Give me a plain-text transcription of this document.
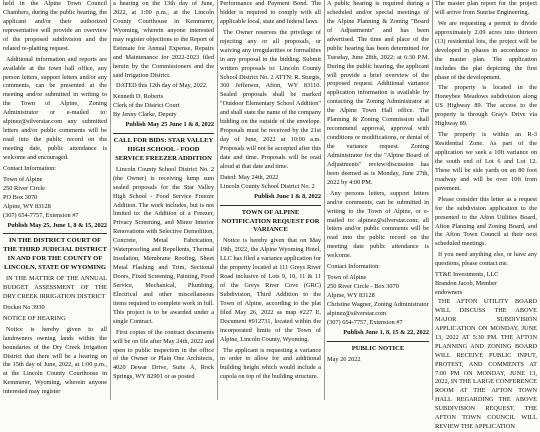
held in the Alpine Town Council Chambers, during the public hearing, the applicant and/or their authorized representative will provide an overview of the proposed subdivision and the related re-platting request.

Additional information and reports are available at the town hall office, any person letters, support letters and/or any comments, can be presented at the meeting and/or submitted in writing to the Town of Alpine, Zoning Administrator or e-mailed to: alpinez@silverstar.com any submitted letters and/or public comments will be read into the public record on the meeting date, public attendance is welcome and encouraged.

Contact Information:

Town of Alpine

250 River Circle

PO Box 3070

Alpine, WY 83128

(307) 654-7757, Extension #7

Publish May 25, June 1, 8 & 15, 2022

IN THE DISTRICT COURT OF THE THIRD JUDICIAL DISTRICT IN AND FOR THE COUNTY OF LINCOLN, STATE OF WYOMING

IN THE MATTER OF THE ANNUAL BUDGET ASSESSMENT OF THE DRY CREEK IRRIGATION DISTRICT

Docket No 3930

NOTICE OF HEARING

Notice is hereby given to all landowners owning lands within the boundaries of the Dry Creek Irrigation District that there will be a hearing on the 15th day of June, 2022, at 1:00 p.m., at the Lincoln County Courthouse in Kemmerer, Wyoming, wherein anyone interested may register

a hearing on the 13th day of June, 2022, at 1:00 p.m., at the Lincoln County Courthouse in Kemmerer, Wyoming, wherein anyone interested may register objections to the Report of Estimate for Annual Expense, Repairs and Maintenance for 2022-2023 filed herein by the Commissioners and the said Irrigation District.

DATED this 12th day of May, 2022.

Kenneth D. Roberts

Clerk of the District Court

By Jenny Clarke, Deputy

Publish May 25 June 1 & 8, 2022

CALL FOR BIDS: STAR VALLEY HIGH SCHOOL - FOOD SERVICE FREEZER ADDITION

Lincoln County School District No. 2 (the Owner) is receiving lump sum sealed proposals for the Star Valley High School - Food Service Freezer Addition. The work includes, but is not limited to: the Addition of a Freezer, Privacy Screening, and Minor Interior Renovations with Selective Demolition, Concrete, Metal Fabrication, Waterproofing and Repellents, Thermal Insulation, Membrane Roofing, Sheet Metal Flashing and Trim, Sectional Doors, Fixed Screening, Painting, Food Service, Mechanical, Plumbing, Electrical and other miscellaneous items required to complete work in full. This project is to be awarded under a single Contract.

First copies of the contract documents will be on file after May 24th, 2022 and open to public inspection in the office of the Owner or Plain One Architects, 4020 Dewar Drive, Suite A, Rock Springs, WY 82901 or as posted

Performance and Payment Bond. The bidder is required to comply with all applicable local, state and federal laws.

The Owner reserves the privilege of rejecting any or all proposals, or waiving any irregularities or formalities in any proposal in the bidding. Submit written proposals to: Lincoln County School District No. 2 ATTN: R. Sturgis, 360 Jefferson, Afton, WY 83110. Sealed proposals shall be marked "Outdoor Elementary School Addition" and shall state the name of the company bidding on the outside of the envelope. Proposals must be received by the 21st day of June, 2022 at 10:00 a.m. Proposals will not be accepted after this date and time. Proposals will be read aloud at that date and time.

Dated: May 24th, 2022

Lincoln County School District No. 2

Publish June 1 & 8, 2022

TOWN OF ALPINE NOTIFICATION REQUEST FOR VARIANCE

Notice is hereby given that on May 19th, 2022, the Alpine Wyoming Hotel, LLC has filed a variance application for the property located at 111 Greys River Road inclusive of Lots 9, 10, 11 & 11 of the Greys River Cove (GRC) Subdivision, Third Addition to the Town of Alpine, according to the plat filed May 26, 2022 as map #227 E, Document #912731, located within the incorporated limits of the Town of Alpine, Lincoln County, Wyoming.

The applicant is requesting a variance in order to allow for and additional building height which would include a cupola on top of the building structure.

A public hearing is required during a scheduled and/or special meetings of the Alpine Planning & Zoning "Board of Adjustments" and has been advertised. The time and place of the public hearing has been determined for Tuesday, June 28th, 2022; at 6:30 P.M. During the public hearing, the applicant will provide a brief overview of the proposed request. Additional variance application information is available by contacting the Zoning Administrator at the Alpine Town Hall office. The Planning & Zoning Commission shall recommend approval, approval with conditions or modifications, or denial of the variance request. Zoning Administrator for the "Alpine Board of Adjustments" review/discussion has been deemed as is Monday, June 27th, 2022 by 4:00 PM.

Any persons letters, support letters and/or comments, can be submitted in writing to the Town of Alpine, or e-mailed to: alpinez@silverstar.com; all letters and/or public comments will be read into the public record on the meeting date public attendance is welcome.

Contact Information:

Town of Alpine

250 River Circle - Box 3070

Alpine, WY 83128

Christine Wagner, Zoning Administrator

alpinez@silverstar.com

(307) 654-7757, Extension #7

Publish June 1, 8, 15 & 22, 2022

PUBLIC NOTICE

May 26 2022

The master plan report for the project will arrive from Sunrise Engineering.

We are requesting a permit to divide approximately 2.09 acres into thirteen (13) residential lots, the project will be developed in phases in accordance to the master plan. The application includes the plat depicting the first phase of the development.

The property is located in the Honeybee Meadows subdivision along US Highway 89. The access to the property is through Gray's Drive via Highway 89.

The property is within an R-3 Residential Zone. As part of the application we seek a 10ft variance on the south end of Lot 6 and Lot 12. These will be side yards on an 80 foot roadway and will be over 10ft from pavement.

Please consider this letter as a request for the subdivision application to the presented to the Afton Utilities Board, Afton Planning and Zoning Board, and the Afton Town Council at their next scheduled meetings.

If you need anything else, or have any questions, please contact me.

TT&E Investments, LLC

Brandon Jacob, Member

endowners

THE AFTON UTILITY BOARD WILL DISCUSS THE ABOVE MAJOR SUBDIVISION APPLICATION ON MONDAY, JUNE 13, 2022 AT 5:30 PM. THE AFTON PLANNING AND ZONING BOARD WILL RECEIVE PUBLIC INPUT, PROTEST, AND COMMENTS AT 7:00 PM ON MONDAY, JUNE 13, 2022, IN THE LARGE CONFERENCE ROOM AT THE AFTON TOWN HALL REGARDING THE ABOVE SUBDIVISION REQUEST. THE AFTON TOWN COUNCIL WILL REVIEW THE APPLICATION
